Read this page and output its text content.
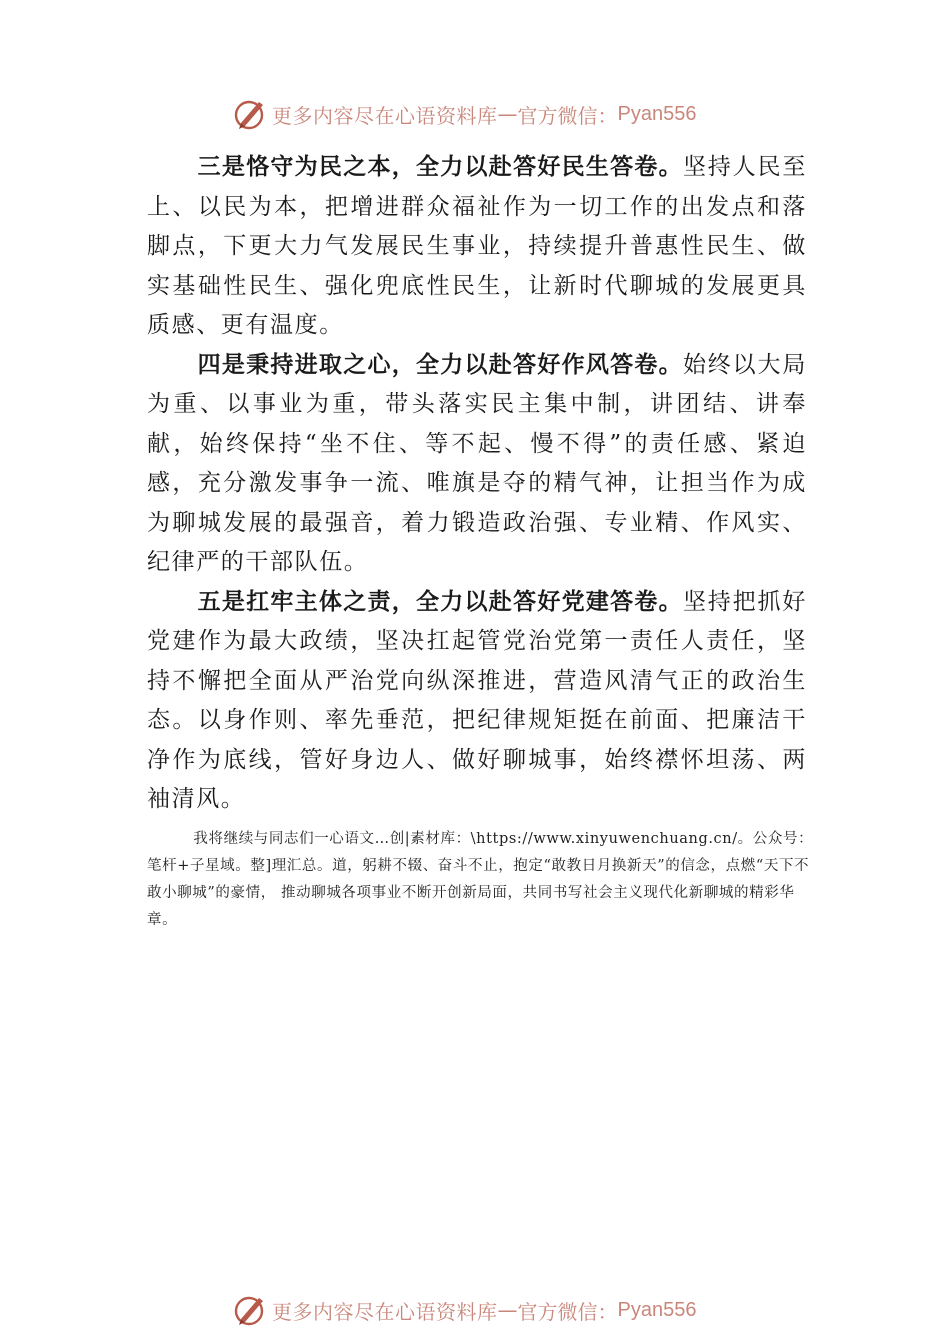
更多内容尽在心语资料库 — 官方微信： Pyan556

三是恪守为民之本，全力以赴答好民生答卷。坚持人民至上、以民为本，把增进群众福祉作为一切工作的出发点和落脚点，下更大力气发展民生事业，持续提升普惠性民生、做实基础性民生、强化兜底性民生，让新时代聊城的发展更具质感、更有温度。

四是秉持进取之心，全力以赴答好作风答卷。始终以大局为重、以事业为重，带头落实民主集中制，讲团结、讲奉献，始终保持“坐不住、等不起、慢不得”的责任感、紧迫感，充分激发事争一流、唯旗是夺的精气神，让担当作为成为聊城发展的最强音，着力锻造政治强、专业精、作风实、纪律严的干部队伍。

五是扛牢主体之责，全力以赴答好党建答卷。坚持把抓好党建作为最大政绩，坚决扛起管党治党第一责任人责任，坚持不懈把全面从严治党向纵深推进，营造风清气正的政治生态。以身作则、率先垂范，把纪律规矩挺在前面、把廉洁干净作为底线，管好身边人、做好聊城事，始终襟怀坦荡、两袖清风。

我将继续与同志们一心语文…创|素材库：\https://www.xinyuwenchuang.cn/。公众号：笔杆+子星域。整]理汇总。道，躬耕不辍、奋斗不止，抱定“敢教日月换新天”的信念，点燃“天下不敢小聊城”的豪情， 推动聊城各项事业不断开创新局面，共同书写社会主义现代化新聊城的精彩华章。

更多内容尽在心语资料库 — 官方微信： Pyan556
